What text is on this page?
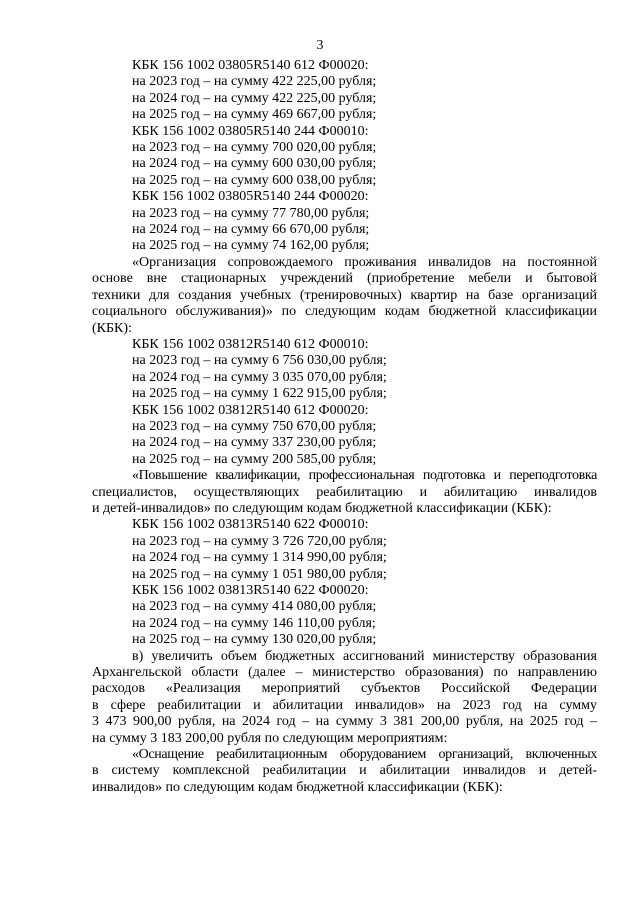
3
КБК 156 1002 03805R5140 612 Ф00020:
на 2023 год – на сумму 422 225,00 рубля;
на 2024 год – на сумму 422 225,00 рубля;
на 2025 год – на сумму 469 667,00 рубля;
КБК 156 1002 03805R5140 244 Ф00010:
на 2023 год – на сумму 700 020,00 рубля;
на 2024 год – на сумму 600 030,00 рубля;
на 2025 год – на сумму 600 038,00 рубля;
КБК 156 1002 03805R5140 244 Ф00020:
на 2023 год – на сумму 77 780,00 рубля;
на 2024 год – на сумму 66 670,00 рубля;
на 2025 год – на сумму 74 162,00 рубля;
«Организация сопровождаемого проживания инвалидов на постоянной
основе вне стационарных учреждений (приобретение мебели и бытовой
техники для создания учебных (тренировочных) квартир на базе организаций
социального обслуживания)» по следующим кодам бюджетной классификации
(КБК):
КБК 156 1002 03812R5140 612 Ф00010:
на 2023 год – на сумму 6 756 030,00 рубля;
на 2024 год – на сумму 3 035 070,00 рубля;
на 2025 год – на сумму 1 622 915,00 рубля;
КБК 156 1002 03812R5140 612 Ф00020:
на 2023 год – на сумму 750 670,00 рубля;
на 2024 год – на сумму 337 230,00 рубля;
на 2025 год – на сумму 200 585,00 рубля;
«Повышение квалификации, профессиональная подготовка и переподготовка
специалистов, осуществляющих реабилитацию и абилитацию инвалидов
и детей-инвалидов» по следующим кодам бюджетной классификации (КБК):
КБК 156 1002 03813R5140 622 Ф00010:
на 2023 год – на сумму 3 726 720,00 рубля;
на 2024 год – на сумму 1 314 990,00 рубля;
на 2025 год – на сумму 1 051 980,00 рубля;
КБК 156 1002 03813R5140 622 Ф00020:
на 2023 год – на сумму 414 080,00 рубля;
на 2024 год – на сумму 146 110,00 рубля;
на 2025 год – на сумму 130 020,00 рубля;
в) увеличить объем бюджетных ассигнований министерству образования
Архангельской области (далее – министерство образования) по направлению
расходов «Реализация мероприятий субъектов Российской Федерации
в сфере реабилитации и абилитации инвалидов» на 2023 год на сумму
3 473 900,00 рубля, на 2024 год – на сумму 3 381 200,00 рубля, на 2025 год –
на сумму 3 183 200,00 рубля по следующим мероприятиям:
«Оснащение реабилитационным оборудованием организаций, включенных
в систему комплексной реабилитации и абилитации инвалидов и детей-
инвалидов» по следующим кодам бюджетной классификации (КБК):
